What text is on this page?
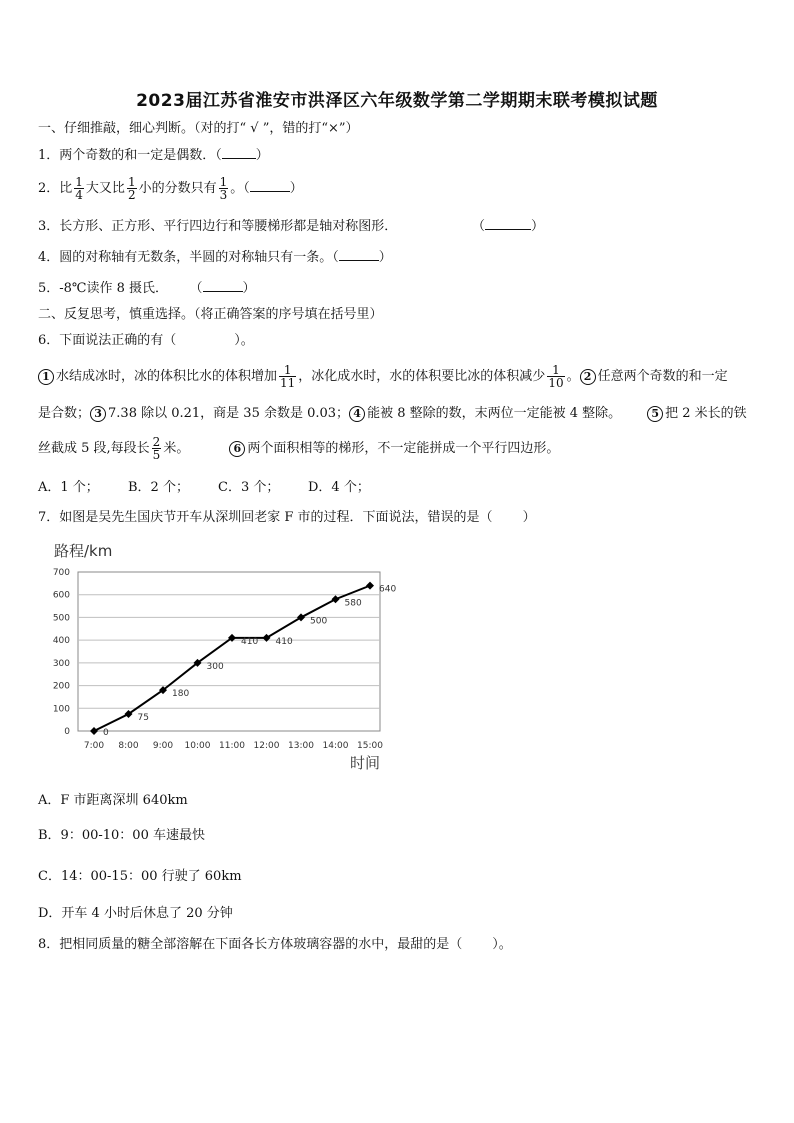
2023届江苏省淮安市洪泽区六年级数学第二学期期末联考模拟试题
一、仔细推敲，细心判断。（对的打“ √ ”，错的打“×”）
1．两个奇数的和一定是偶数．（	）
2．比 $\frac{1}{4}$ 大又比 $\frac{1}{2}$ 小的分数只有 $\frac{1}{3}$ 。（	）
3．长方形、正方形、平行四边行和等腰梯形都是轴对称图形．	（	）
4．圆的对称轴有无数条，半圆的对称轴只有一条。（	）
5．-8℃读作 8 摄氏． （	）
二、反复思考，慎重选择。（将正确答案的序号填在括号里）
6．下面说法正确的有（	）。
1 水结成冰时，冰的体积比水的体积增加 $\frac{1}{11}$ ，冰化成水时，水的体积要比冰的体积减少 $\frac{1}{10}$ 。 2 任意两个奇数的和一定
是合数； 3 7.38 除以 0.21，商是 35 余数是 0.03； 4 能被 8 整除的数，末两位一定能被 4 整除。	5 把 2 米长的铁
丝截成 5 段,每段长 $\frac{2}{5}$ 米。	6 两个面积相等的梯形，不一定能拼成一个平行四边形。
A．1 个； B．2 个； C．3 个； D．4 个；
7．如图是吴先生国庆节开车从深圳回老家 F 市的过程．下面说法，错误的是（ ）
路程/km
0
100
200
300
400
500
600
700
7:00 8:00 9:00 10:00 11:00 12:00 13:00 14:00 15:00
0
75
180
300
410 410
500
580
640
时间
A．F 市距离深圳 640km
B．9：00-10：00 车速最快
C．14：00-15：00 行驶了 60km
D．开车 4 小时后休息了 20 分钟
8．把相同质量的糖全部溶解在下面各长方体玻璃容器的水中，最甜的是（ ）。
